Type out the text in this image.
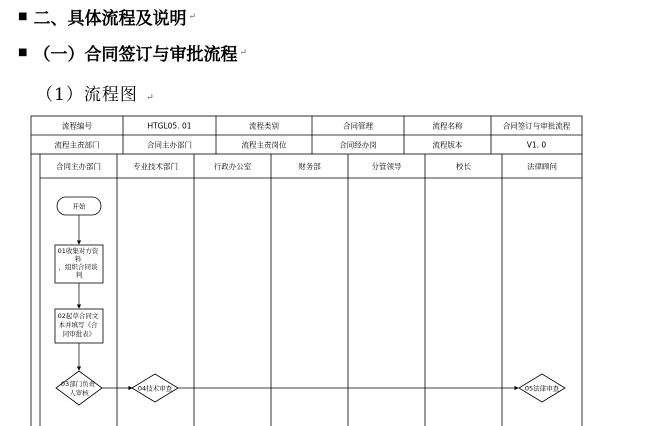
■ 二、具体流程及说明 ↵
■ （一）合同签订与审批流程 ↵
（1）流程图 ↵
流程编号	HTGL05. 01	流程类别	合同管理	流程名称	合同签订与审批流程
流程主责部门	合同主办部门	流程主责岗位	合同经办岗	流程版本	V1. 0
合同主办部门	专业技术部门	行政办公室	财务部	分管领导	校长	法律顾问
开始
01收集对方资 料 ，组织合同谈 判
02起草合同文 本并填写《合 同审批表》
03部门负责 人审核
04技术审查	05法律审查
